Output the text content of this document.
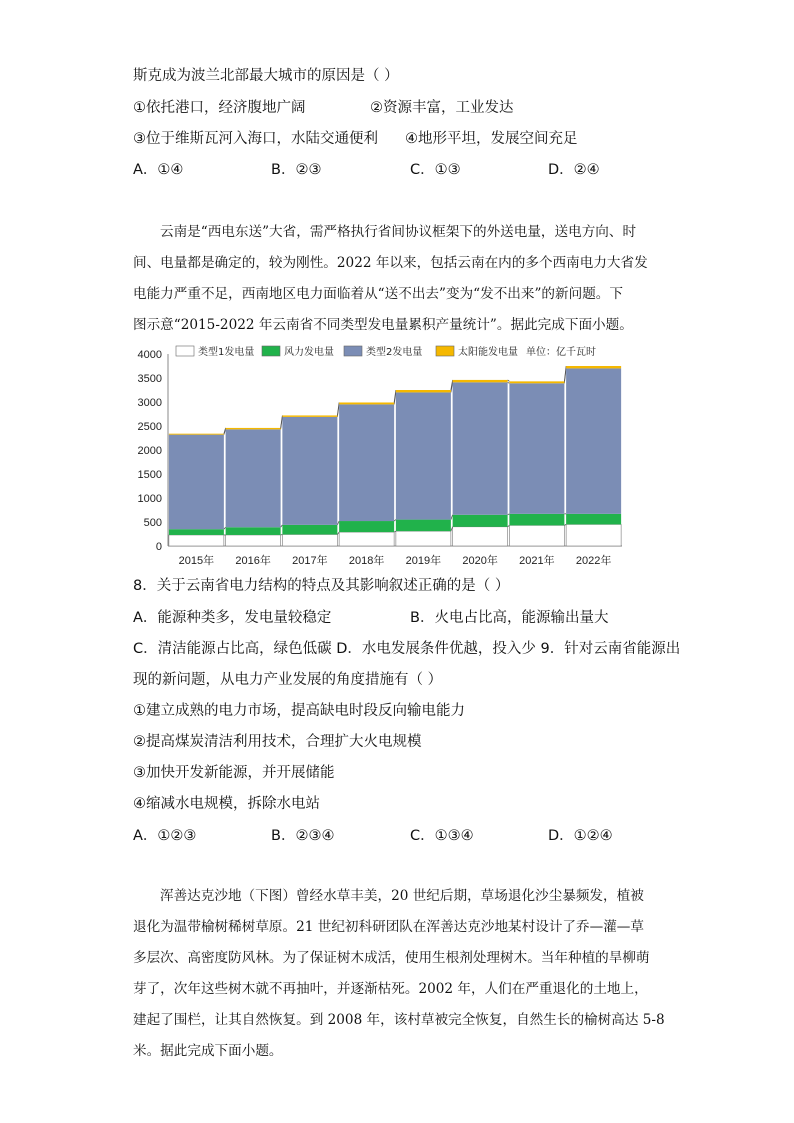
斯克成为波兰北部最大城市的原因是（ ）
①依托港口，经济腹地广阔	②资源丰富，工业发达
③位于维斯瓦河入海口，水陆交通便利 ④地形平坦，发展空间充足
A．①④	B．②③	C．①③	D．②④
云南是“西电东送”大省，需严格执行省间协议框架下的外送电量，送电方向、时
间、电量都是确定的，较为刚性。2022 年以来，包括云南在内的多个西南电力大省发
电能力严重不足，西南地区电力面临着从“送不出去”变为“发不出来”的新问题。下
图示意“2015-2022 年云南省不同类型发电量累积产量统计”。据此完成下面小题。
0
500
1000
1500
2000
2500
3000
3500
4000
2015年 2016年 2017年 2018年 2019年 2020年 2021年 2022年
类型1发电量	风力发电量	类型2发电量	太阳能发电量 单位：亿千瓦时
8．关于云南省电力结构的特点及其影响叙述正确的是（ ）
A．能源种类多，发电量较稳定	B．火电占比高，能源输出量大
C．清洁能源占比高，绿色低碳 D．水电发展条件优越，投入少 9．针对云南省能源出
现的新问题，从电力产业发展的角度措施有（ ）
①建立成熟的电力市场，提高缺电时段反向输电能力
②提高煤炭清洁利用技术，合理扩大火电规模
③加快开发新能源，并开展储能
④缩减水电规模，拆除水电站
A．①②③	B．②③④	C．①③④	D．①②④
浑善达克沙地（下图）曾经水草丰美，20 世纪后期，草场退化沙尘暴频发，植被
退化为温带榆树稀树草原。21 世纪初科研团队在浑善达克沙地某村设计了乔—灌—草
多层次、高密度防风林。为了保证树木成活，使用生根剂处理树木。当年种植的旱柳萌
芽了，次年这些树木就不再抽叶，并逐渐枯死。2002 年，人们在严重退化的土地上，
建起了围栏，让其自然恢复。到 2008 年，该村草被完全恢复，自然生长的榆树高达 5-8
米。据此完成下面小题。
